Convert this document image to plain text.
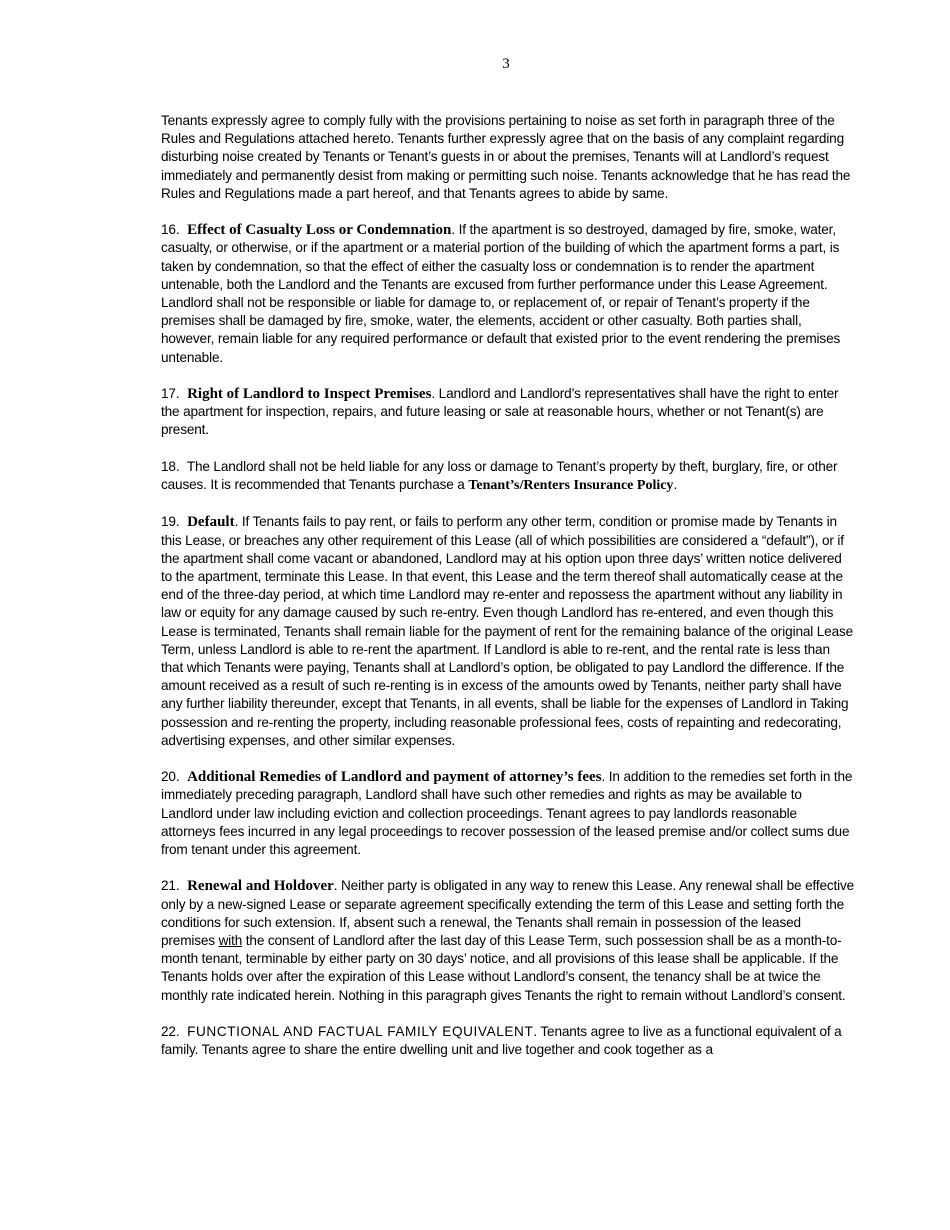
3

Tenants expressly agree to comply fully with the provisions pertaining to noise as set forth in paragraph three of the Rules and Regulations attached hereto. Tenants further expressly agree that on the basis of any complaint regarding disturbing noise created by Tenants or Tenant’s guests in or about the premises, Tenants will at Landlord’s request immediately and permanently desist from making or permitting such noise. Tenants acknowledge that he has read the Rules and Regulations made a part hereof, and that Tenants agrees to abide by same.

16. Effect of Casualty Loss or Condemnation. If the apartment is so destroyed, damaged by fire, smoke, water, casualty, or otherwise, or if the apartment or a material portion of the building of which the apartment forms a part, is taken by condemnation, so that the effect of either the casualty loss or condemnation is to render the apartment untenable, both the Landlord and the Tenants are excused from further performance under this Lease Agreement. Landlord shall not be responsible or liable for damage to, or replacement of, or repair of Tenant’s property if the premises shall be damaged by fire, smoke, water, the elements, accident or other casualty. Both parties shall, however, remain liable for any required performance or default that existed prior to the event rendering the premises untenable.

17. Right of Landlord to Inspect Premises. Landlord and Landlord’s representatives shall have the right to enter the apartment for inspection, repairs, and future leasing or sale at reasonable hours, whether or not Tenant(s) are present.

18. The Landlord shall not be held liable for any loss or damage to Tenant’s property by theft, burglary, fire, or other causes. It is recommended that Tenants purchase a Tenant’s/Renters Insurance Policy.

19. Default. If Tenants fails to pay rent, or fails to perform any other term, condition or promise made by Tenants in this Lease, or breaches any other requirement of this Lease (all of which possibilities are considered a “default”), or if the apartment shall come vacant or abandoned, Landlord may at his option upon three days’ written notice delivered to the apartment, terminate this Lease. In that event, this Lease and the term thereof shall automatically cease at the end of the three-day period, at which time Landlord may re-enter and repossess the apartment without any liability in law or equity for any damage caused by such re-entry. Even though Landlord has re-entered, and even though this Lease is terminated, Tenants shall remain liable for the payment of rent for the remaining balance of the original Lease Term, unless Landlord is able to re-rent the apartment. If Landlord is able to re-rent, and the rental rate is less than that which Tenants were paying, Tenants shall at Landlord’s option, be obligated to pay Landlord the difference. If the amount received as a result of such re-renting is in excess of the amounts owed by Tenants, neither party shall have any further liability thereunder, except that Tenants, in all events, shall be liable for the expenses of Landlord in Taking possession and re-renting the property, including reasonable professional fees, costs of repainting and redecorating, advertising expenses, and other similar expenses.

20. Additional Remedies of Landlord and payment of attorney’s fees. In addition to the remedies set forth in the immediately preceding paragraph, Landlord shall have such other remedies and rights as may be available to Landlord under law including eviction and collection proceedings. Tenant agrees to pay landlords reasonable attorneys fees incurred in any legal proceedings to recover possession of the leased premise and/or collect sums due from tenant under this agreement.

21. Renewal and Holdover. Neither party is obligated in any way to renew this Lease. Any renewal shall be effective only by a new-signed Lease or separate agreement specifically extending the term of this Lease and setting forth the conditions for such extension. If, absent such a renewal, the Tenants shall remain in possession of the leased premises with the consent of Landlord after the last day of this Lease Term, such possession shall be as a month-to-month tenant, terminable by either party on 30 days’ notice, and all provisions of this lease shall be applicable. If the Tenants holds over after the expiration of this Lease without Landlord’s consent, the tenancy shall be at twice the monthly rate indicated herein. Nothing in this paragraph gives Tenants the right to remain without Landlord’s consent.

22. FUNCTIONAL AND FACTUAL FAMILY EQUIVALENT. Tenants agree to live as a functional equivalent of a family. Tenants agree to share the entire dwelling unit and live together and cook together as a
